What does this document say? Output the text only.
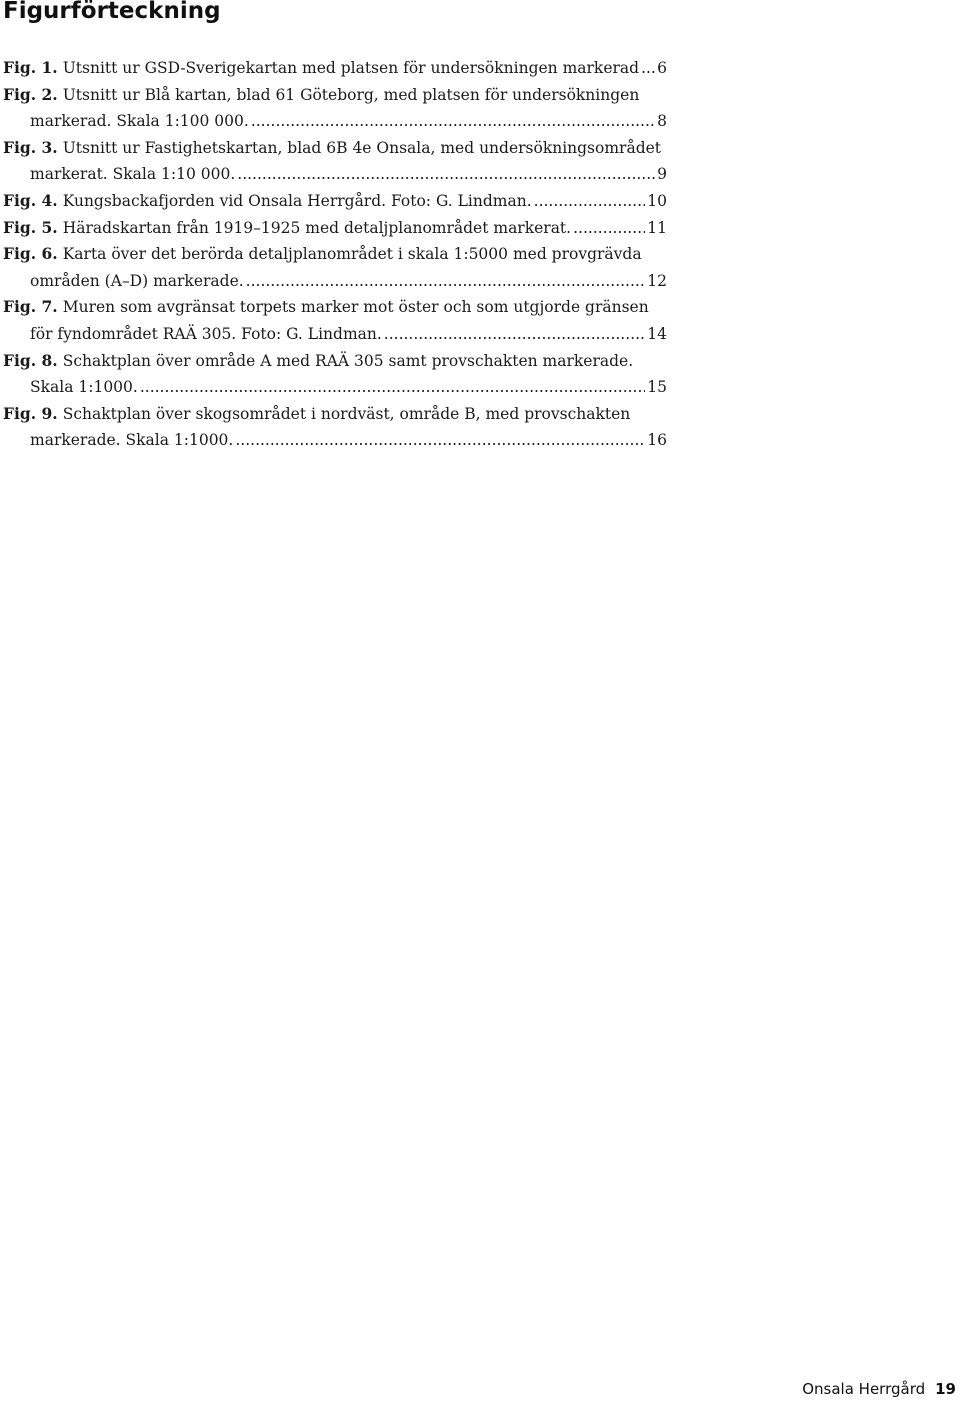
Figurförteckning
Fig. 1. Utsnitt ur GSD-Sverigekartan med platsen för undersökningen markerad ..... 6
Fig. 2. Utsnitt ur Blå kartan, blad 61 Göteborg, med platsen för undersökningen
markerad. Skala 1:100 000. .....	8
Fig. 3. Utsnitt ur Fastighetskartan, blad 6B 4e Onsala, med undersökningsområdet
markerat. Skala 1:10 000. .....	9
Fig. 4. Kungsbackafjorden vid Onsala Herrgård. Foto: G. Lindman. .....	10
Fig. 5. Häradskartan från 1919–1925 med detaljplanområdet markerat. .....	11
Fig. 6. Karta över det berörda detaljplanområdet i skala 1:5000 med provgrävda
områden (A–D) markerade. .....	12
Fig. 7. Muren som avgränsat torpets marker mot öster och som utgjorde gränsen
för fyndområdet RAÄ 305. Foto: G. Lindman. .....	14
Fig. 8. Schaktplan över område A med RAÄ 305 samt provschakten markerade.
Skala 1:1000. .....	15
Fig. 9. Schaktplan över skogsområdet i nordväst, område B, med provschakten
markerade. Skala 1:1000. .....	16
Onsala Herrgård 19
